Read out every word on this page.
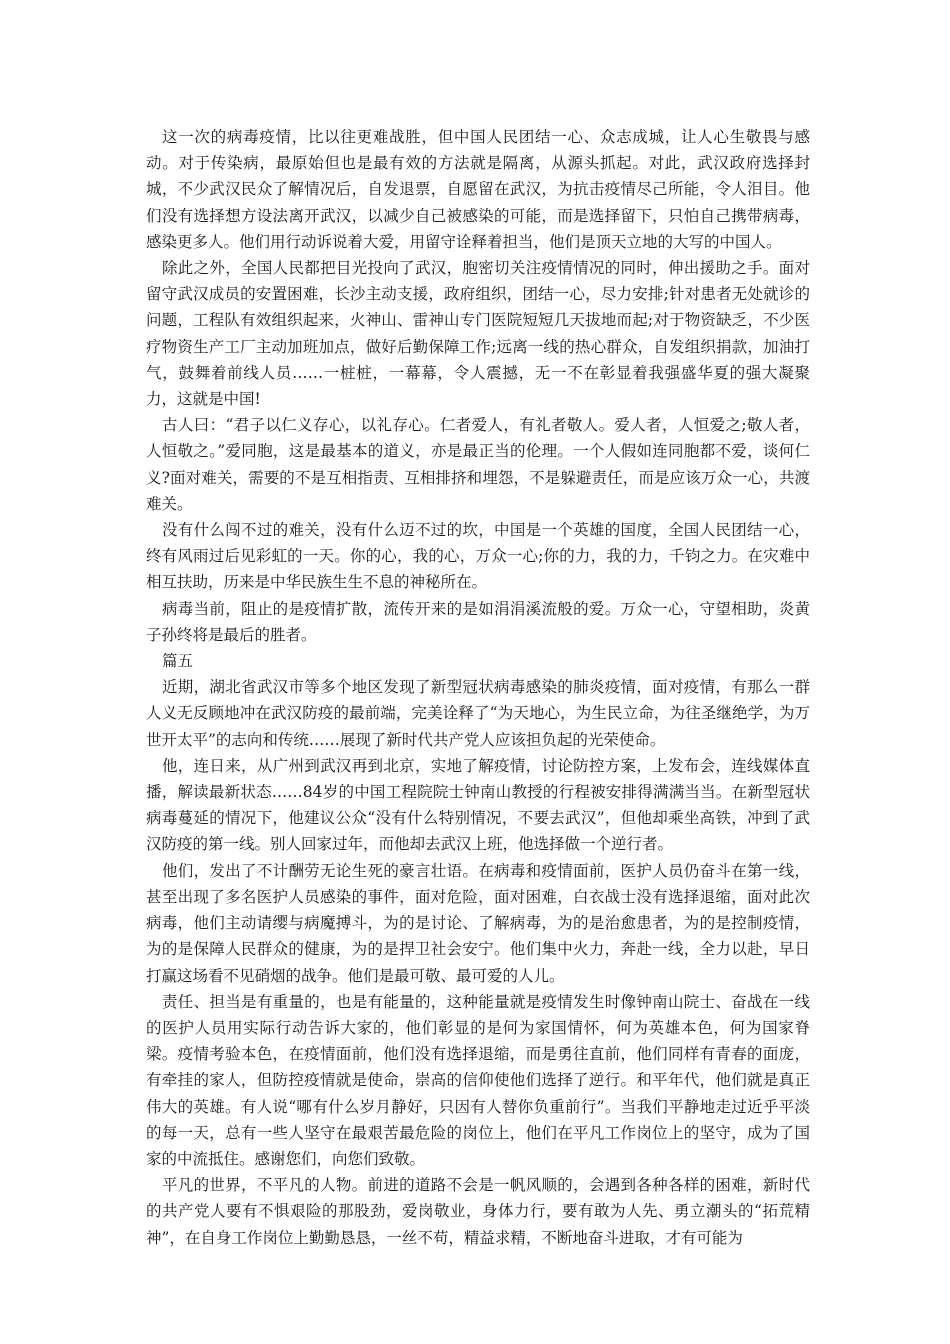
这一次的病毒疫情，比以往更难战胜，但中国人民团结一心、众志成城，让人心生敬畏与感动。对于传染病，最原始但也是最有效的方法就是隔离，从源头抓起。对此，武汉政府选择封城，不少武汉民众了解情况后，自发退票，自愿留在武汉，为抗击疫情尽己所能，令人泪目。他们没有选择想方设法离开武汉，以减少自己被感染的可能，而是选择留下，只怕自己携带病毒，感染更多人。他们用行动诉说着大爱，用留守诠释着担当，他们是顶天立地的大写的中国人。

除此之外，全国人民都把目光投向了武汉，胞密切关注疫情情况的同时，伸出援助之手。面对留守武汉成员的安置困难，长沙主动支援，政府组织，团结一心，尽力安排;针对患者无处就诊的问题，工程队有效组织起来，火神山、雷神山专门医院短短几天拔地而起;对于物资缺乏，不少医疗物资生产工厂主动加班加点，做好后勤保障工作;远离一线的热心群众，自发组织捐款，加油打气，鼓舞着前线人员……一桩桩，一幕幕，令人震撼，无一不在彰显着我强盛华夏的强大凝聚力，这就是中国!

古人曰：“君子以仁义存心，以礼存心。仁者爱人，有礼者敬人。爱人者，人恒爱之;敬人者，人恒敬之。”爱同胞，这是最基本的道义，亦是最正当的伦理。一个人假如连同胞都不爱，谈何仁义?面对难关，需要的不是互相指责、互相排挤和埋怨，不是躲避责任，而是应该万众一心，共渡难关。

没有什么闯不过的难关，没有什么迈不过的坎，中国是一个英雄的国度，全国人民团结一心，终有风雨过后见彩虹的一天。你的心，我的心，万众一心;你的力，我的力，千钧之力。在灾难中相互扶助，历来是中华民族生生不息的神秘所在。

病毒当前，阻止的是疫情扩散，流传开来的是如涓涓溪流般的爱。万众一心，守望相助，炎黄子孙终将是最后的胜者。

篇五

近期，湖北省武汉市等多个地区发现了新型冠状病毒感染的肺炎疫情，面对疫情，有那么一群人义无反顾地冲在武汉防疫的最前端，完美诠释了“为天地心，为生民立命，为往圣继绝学，为万世开太平”的志向和传统……展现了新时代共产党人应该担负起的光荣使命。

他，连日来，从广州到武汉再到北京，实地了解疫情，讨论防控方案，上发布会，连线媒体直播，解读最新状态……84岁的中国工程院院士钟南山教授的行程被安排得满满当当。在新型冠状病毒蔓延的情况下，他建议公众“没有什么特别情况，不要去武汉”，但他却乘坐高铁，冲到了武汉防疫的第一线。别人回家过年，而他却去武汉上班，他选择做一个逆行者。

他们，发出了不计酬劳无论生死的豪言壮语。在病毒和疫情面前，医护人员仍奋斗在第一线，甚至出现了多名医护人员感染的事件，面对危险，面对困难，白衣战士没有选择退缩，面对此次病毒，他们主动请缨与病魔搏斗，为的是讨论、了解病毒，为的是治愈患者，为的是控制疫情，为的是保障人民群众的健康，为的是捍卫社会安宁。他们集中火力，奔赴一线，全力以赴，早日打赢这场看不见硝烟的战争。他们是最可敬、最可爱的人儿。

责任、担当是有重量的，也是有能量的，这种能量就是疫情发生时像钟南山院士、奋战在一线的医护人员用实际行动告诉大家的，他们彰显的是何为家国情怀，何为英雄本色，何为国家脊梁。疫情考验本色，在疫情面前，他们没有选择退缩，而是勇往直前，他们同样有青春的面庞，有牵挂的家人，但防控疫情就是使命，崇高的信仰使他们选择了逆行。和平年代，他们就是真正伟大的英雄。有人说“哪有什么岁月静好，只因有人替你负重前行”。当我们平静地走过近乎平淡的每一天，总有一些人坚守在最艰苦最危险的岗位上，他们在平凡工作岗位上的坚守，成为了国家的中流抵住。感谢您们，向您们致敬。

平凡的世界，不平凡的人物。前进的道路不会是一帆风顺的，会遇到各种各样的困难，新时代的共产党人要有不惧艰险的那股劲，爱岗敬业，身体力行，要有敢为人先、勇立潮头的“拓荒精神”，在自身工作岗位上勤勤恳恳，一丝不苟，精益求精，不断地奋斗进取，才有可能为
